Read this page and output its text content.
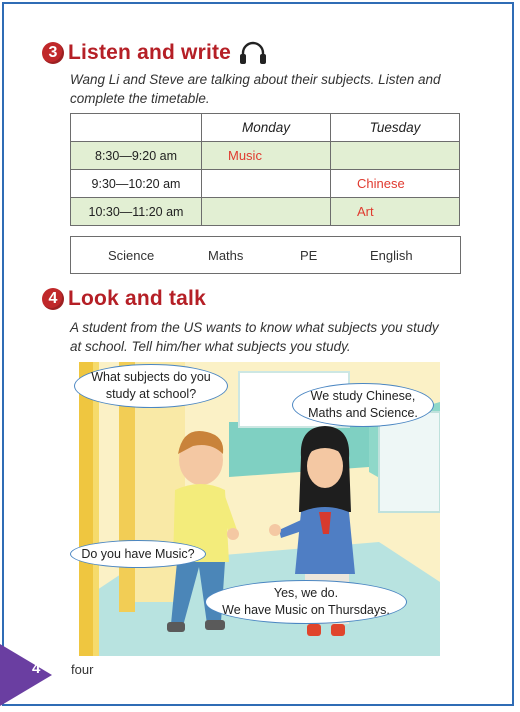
3 Listen and write
Wang Li and Steve are talking about their subjects. Listen and
complete the timetable.
	Monday	Tuesday
8:30—9:20 am	Music	
9:30—10:20 am		Chinese
10:30—11:20 am		Art
Science	Maths	PE	English
4 Look and talk
A student from the US wants to know what subjects you study
at school. Tell him/her what subjects you study.
What subjects do you
study at school?	We study Chinese,
Maths and Science.
Do you have Music?
Yes, we do.
We have Music on Thursdays.
4 four
